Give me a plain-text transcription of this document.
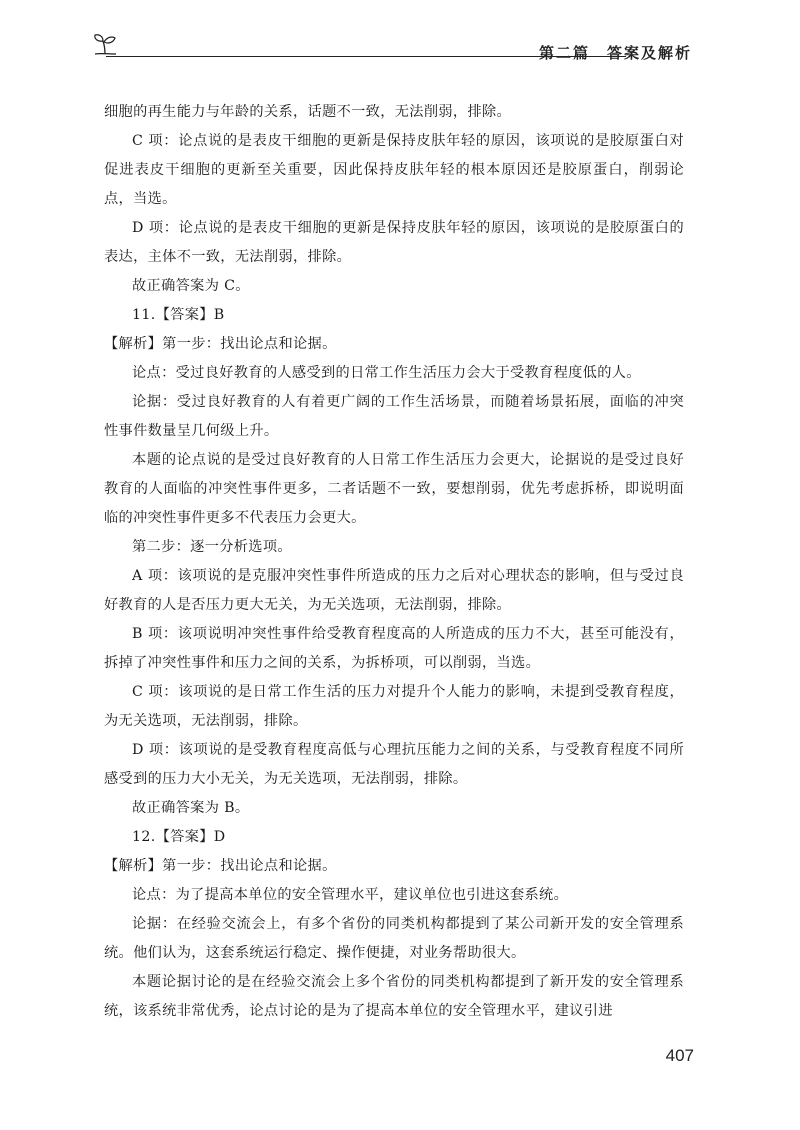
第二篇　答案及解析

细胞的再生能力与年龄的关系，话题不一致，无法削弱，排除。

C 项：论点说的是表皮干细胞的更新是保持皮肤年轻的原因，该项说的是胶原蛋白对促进表皮干细胞的更新至关重要，因此保持皮肤年轻的根本原因还是胶原蛋白，削弱论点，当选。

D 项：论点说的是表皮干细胞的更新是保持皮肤年轻的原因，该项说的是胶原蛋白的表达，主体不一致，无法削弱，排除。

故正确答案为 C。

11.【答案】B

【解析】第一步：找出论点和论据。

论点：受过良好教育的人感受到的日常工作生活压力会大于受教育程度低的人。

论据：受过良好教育的人有着更广阔的工作生活场景，而随着场景拓展，面临的冲突性事件数量呈几何级上升。

本题的论点说的是受过良好教育的人日常工作生活压力会更大，论据说的是受过良好教育的人面临的冲突性事件更多，二者话题不一致，要想削弱，优先考虑拆桥，即说明面临的冲突性事件更多不代表压力会更大。

第二步：逐一分析选项。

A 项：该项说的是克服冲突性事件所造成的压力之后对心理状态的影响，但与受过良好教育的人是否压力更大无关，为无关选项，无法削弱，排除。

B 项：该项说明冲突性事件给受教育程度高的人所造成的压力不大，甚至可能没有，拆掉了冲突性事件和压力之间的关系，为拆桥项，可以削弱，当选。

C 项：该项说的是日常工作生活的压力对提升个人能力的影响，未提到受教育程度，为无关选项，无法削弱，排除。

D 项：该项说的是受教育程度高低与心理抗压能力之间的关系，与受教育程度不同所感受到的压力大小无关，为无关选项，无法削弱，排除。

故正确答案为 B。

12.【答案】D

【解析】第一步：找出论点和论据。

论点：为了提高本单位的安全管理水平，建议单位也引进这套系统。

论据：在经验交流会上，有多个省份的同类机构都提到了某公司新开发的安全管理系统。他们认为，这套系统运行稳定、操作便捷，对业务帮助很大。

本题论据讨论的是在经验交流会上多个省份的同类机构都提到了新开发的安全管理系统，该系统非常优秀，论点讨论的是为了提高本单位的安全管理水平，建议引进

407
